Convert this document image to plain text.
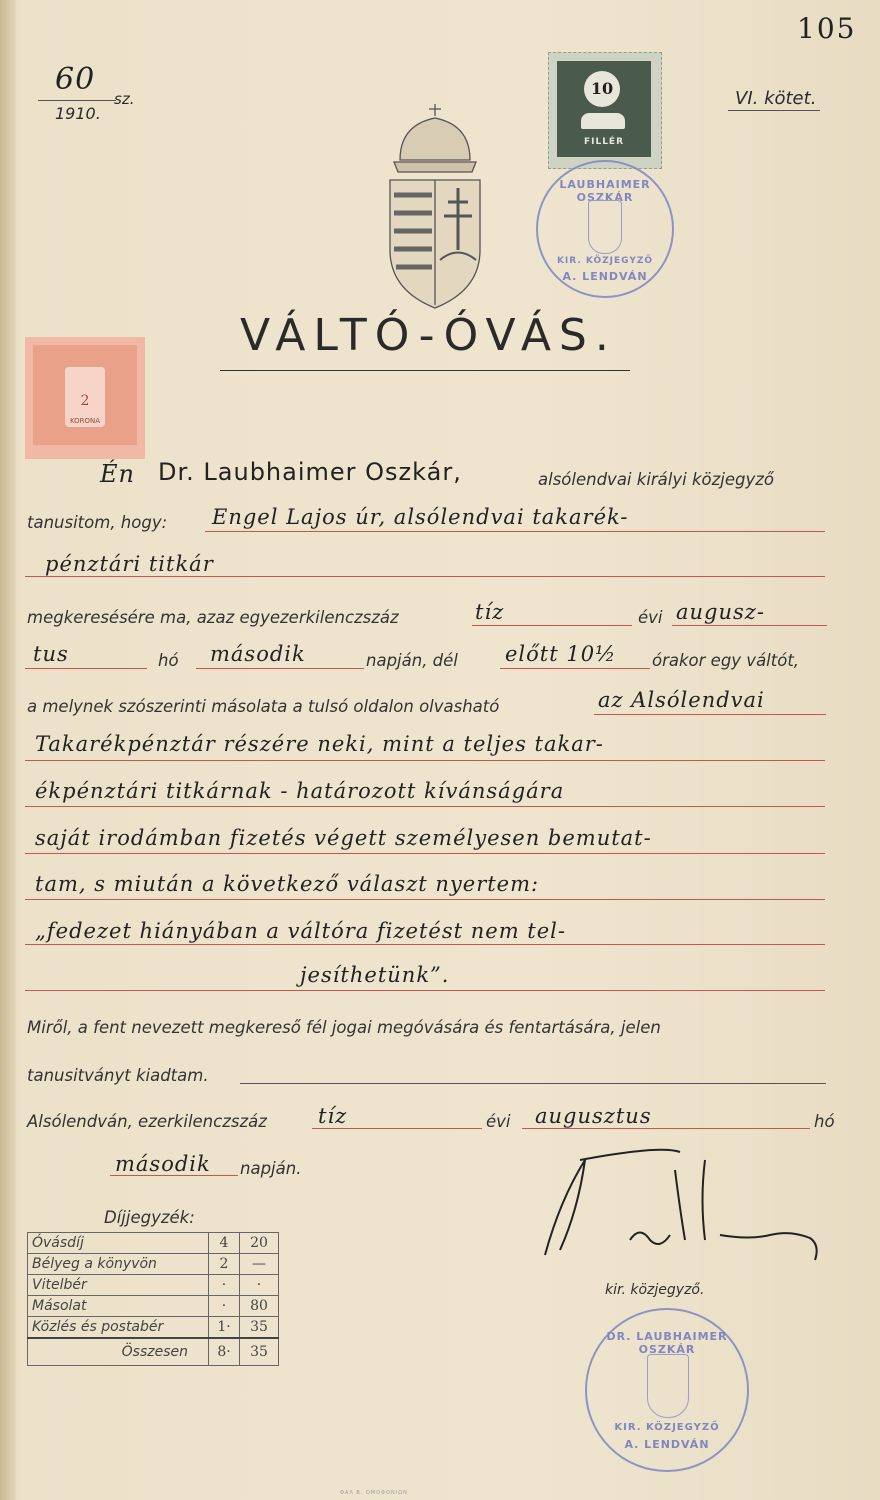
105
60
sz.
1910.
VI. kötet.
10
FILLÉR
LAUBHAIMER OSZKÁR
KIR. KÖZJEGYZŐ
A. LENDVÁN
2
KORONA
VÁLTÓ-ÓVÁS.
Én Dr. Laubhaimer Oszkár,	alsólendvai királyi közjegyző
tanusitom, hogy: Engel Lajos úr, alsólendvai takarék-
pénztári titkár
megkeresésére ma, azaz egyezerkilenczszáz	tíz	évi augusz-
tus	hó második	napján, dél előtt 10½ órakor egy váltót,
a melynek szószerinti másolata a tulsó oldalon olvasható	az Alsólendvai
Takarékpénztár részére neki, mint a teljes takar-
ékpénztári titkárnak - határozott kívánságára
saját irodámban fizetés végett személyesen bemutat-
tam, s miután a következő választ nyertem:
„fedezet hiányában a váltóra fizetést nem tel-
jesíthetünk”.
Miről, a fent nevezett megkereső fél jogai megóvására és fentartására, jelen
tanusitványt kiadtam.
Alsólendván, ezerkilenczszáz tíz	évi augusztus	hó
második napján.
Díjjegyzék:
Óvásdíj	4	20
Bélyeg a könyvön	2	—
Vitelbér	·	·
Másolat	·	80
Közlés és postabér	1·	35
Összesen	8·	35
kir. közjegyző.
DR. LAUBHAIMER OSZKÁR
KIR. KÖZJEGYZŐ
A. LENDVÁN
ΦΑΛ Β. ΟΜΟΦΟΝΙΩΝ
